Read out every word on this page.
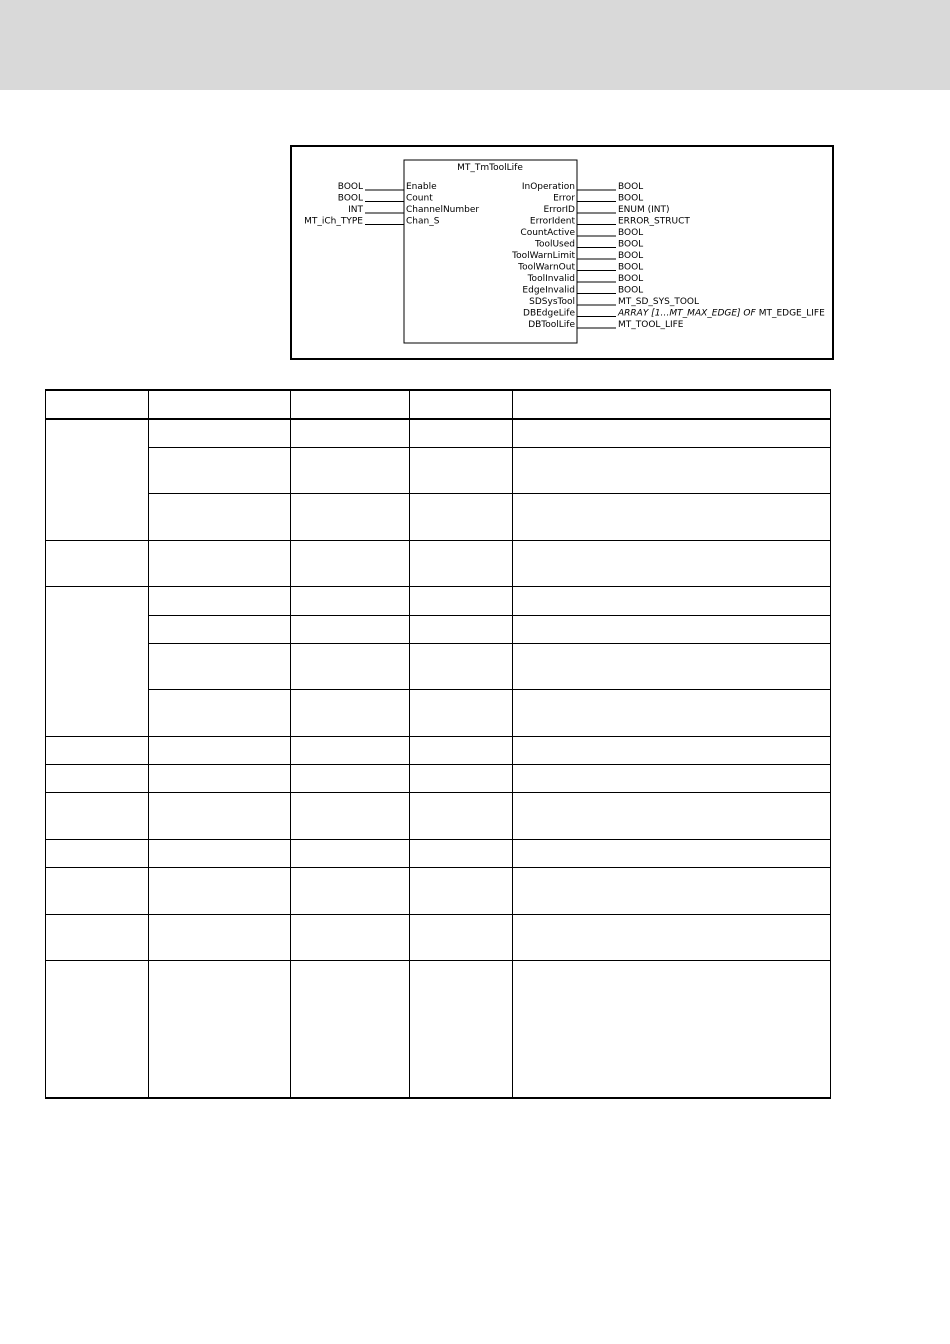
MT_TmToolLife
BOOL	Enable
BOOL	Count
INT	ChannelNumber
MT_iCh_TYPE	Chan_S
InOperation	BOOL
Error	BOOL
ErrorID	ENUM (INT)
ErrorIdent	ERROR_STRUCT
CountActive	BOOL
ToolUsed	BOOL
ToolWarnLimit	BOOL
ToolWarnOut	BOOL
ToolInvalid	BOOL
EdgeInvalid	BOOL
SDSysTool	MT_SD_SYS_TOOL
DBEdgeLife	ARRAY [1…MT_MAX_EDGE] OF MT_EDGE_LIFE
DBToolLife	MT_TOOL_LIFE
